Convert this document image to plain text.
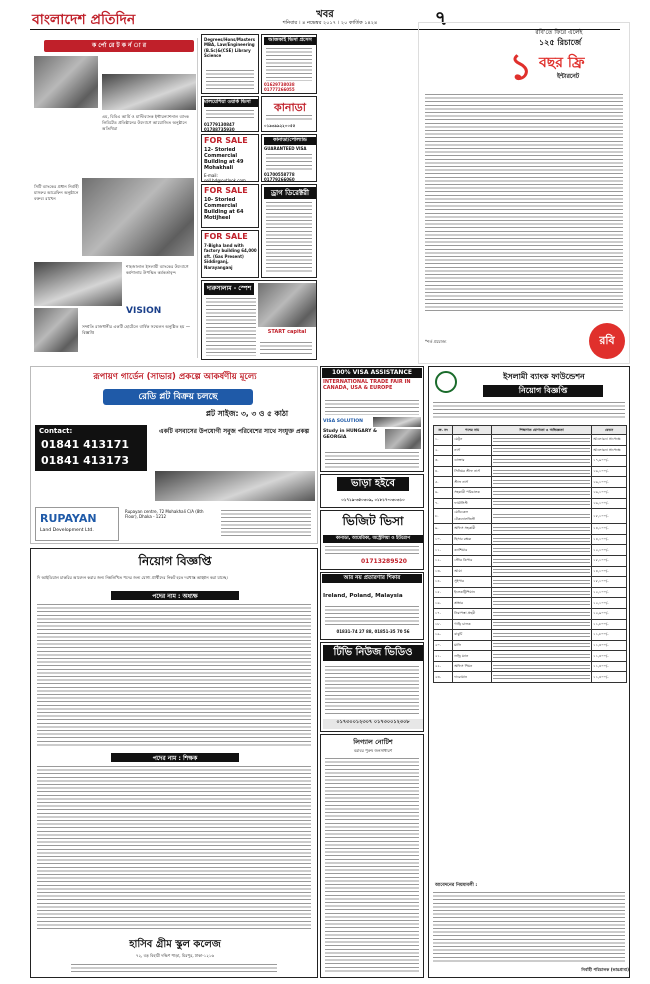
বাংলাদেশ প্রতিদিন	খবর
শনিবার । ৪ নভেম্বর ২০১৭ । ২০ কার্তিক ১৪২৪	৭
ক র্পো রে ট ক র্ন া র
এম, বিবিএ আর্মি ও মাল্টিব্যাংক ইন্টারন্যাশনাল ব্যাংক লিমিটেড প্রতিষ্ঠানের উদ্যোগে আয়োজিত অনুষ্ঠানে অতিথিরা
সিটি ব্যাংকের প্রধান নির্বাহী মাসরুর আরেফিন অনুষ্ঠানে বক্তব্য রাখেন
শাহজালাল ইসলামী ব্যাংকের উদ্যোগে কর্মশালায় উপস্থিত কর্মকর্তাবৃন্দ
VISION
সম্প্রতি রাজধানীর একটি হোটেলে বার্ষিক সম্মেলন অনুষ্ঠিত হয় — বিজ্ঞপ্তি
Degrees/Hons/Masters MBA, Law/Engineering (B.Sc)&(CSE) Library Science
আজকাই ভিসা প্রসেস
01629738038 01777266055
মালয়েশিয়া ওয়ার্ক ভিসা
01779130847 01788735930
কানাডা
০১৯৩৯৯২২০০৫৫
FOR SALE
12- Storied Commercial Building at 49 Mohakhali
E-mail: sell.bd@outlook.com
কানাডা/পোল্যান্ড
GUARANTEED VISA
01700558778 01779266060
FOR SALE
10- Storied Commercial Building at 64 Motijheel
ড্রাগ ডিরেক্টরী
FOR SALE
7-Bigha land with factory building 64,000 sft. (Gas Present) Siddirganj, Narayanganj
দারুসালাম - স্পেশ
START capital
রবি'তে ফিরে এলেই
১২৫ রিচার্জে
১ বছর ফ্রি
ইন্টারনেট
*শর্ত প্রযোজ্য	রবি
রূপায়ণ গার্ডেন (সাভার) প্রকল্পে আকর্ষণীয় মূল্যে
রেডি প্লট বিক্রয় চলছে
প্লট সাইজ: ৩, ৩ ও ৫ কাঠা
Contact:
01841 413171
01841 413173
একটি বসবাসের উপযোগী সবুজ পরিবেশের সাথে সংযুক্ত প্রকল্প
RUPAYAN
Land Development Ltd.
Rupayan centre, 72 Mohakhali C/A (8th Floor), Dhaka - 1212
নিয়োগ বিজ্ঞপ্তি
দি আইডিয়াল চাকরির আবেদন করার জন্য নিম্নলিখিত পদের জন্য যোগ্য প্রার্থীদের নিকট হতে দরখাস্ত আহ্বান করা যাচ্ছে।
পদের নাম : অধ্যক্ষ
পদের নাম : শিক্ষক
হাসিব গ্রীম স্কুল কলেজ
৭২, বড় বিহারী দক্ষিণ পাড়া, মিরপুর, ঢাকা-১২১৬
100% VISA ASSISTANCE
INTERNATIONAL TRADE FAIR IN CANADA, USA & EUROPE
VISA SOLUTION
Study in HUNGARY & GEORGIA
ভাড়া হইবে
০১৭১৯-৩৫০৩০৯, ০১৮১৭-০৩০৩১০
ভিজিট ভিসা
কানাডা, আমেরিকা, অস্ট্রেলিয়া ও ইউরোপ
01713289520
আর নয় প্রতারণার শিকার
Ireland, Poland, Malaysia
01831-74 27 88, 01851-35 70 56
টিভি নিউজ ভিডিও
০১৭৩০০১২৩০৭ ০১৭৩০০১২৩০৮
লিগ্যাল নোটিশ
বরাবর পুরুষ জনসাধারণ
ইসলামী ব্যাংক ফাউন্ডেশন
নিয়োগ বিজ্ঞপ্তি
ক্র. নং	পদের নাম	শিক্ষাগত যোগ্যতা ও অভিজ্ঞতা	বেতন
১.	মেট্রন		আলোচনা সাপেক্ষে
২.	নার্স		আলোচনা সাপেক্ষে
৩.	ডাক্তার		১৭,৯০০/-
৪.	সিনিয়র স্টাফ নার্স		১৬,১০০/-
৫.	স্টাফ নার্স		১৬,১০০/-
৬.	সহকারী পরিচালক		১৬,১০০/-
৭.	ফার্মাসিস্ট		১৬,১০০/-
৮.	মেডিকেল টেকনোলজিস্ট		১৮,১০০/-
৯.	অফিস সহকারী		১৪,১০০/-
১০.	হিসাব রক্ষক		১৪,১০০/-
১১.	ক্যাশিয়ার		১২,১০০/-
১২.	স্টোর কিপার		১৮,১০০/-
১৩.	আয়া		১৪,১০০/-
১৪.	সুইপার		১৮,১০০/-
১৫.	ইলেকট্রিশিয়ান		১২,১০০/-
১৬.	প্লাম্বার		১২,১০০/-
১৭.	নিরাপত্তা প্রহরী		১২,৯০০/-
১৮.	গাড়ি চালক		১১,৮০০/-
১৯.	বাবুর্চি		১১,৮০০/-
২০.	মালি		১১,৪০০/-
২১.	লন্ড্রি ম্যান		১১,৪০০/-
২২.	অফিস পিয়ন		১১,৪০০/-
২৩.	দারোয়ান		১১,৪০০/-
আবেদনের নিয়মাবলী :
নির্বাহী পরিচালক (ভারপ্রাপ্ত)
